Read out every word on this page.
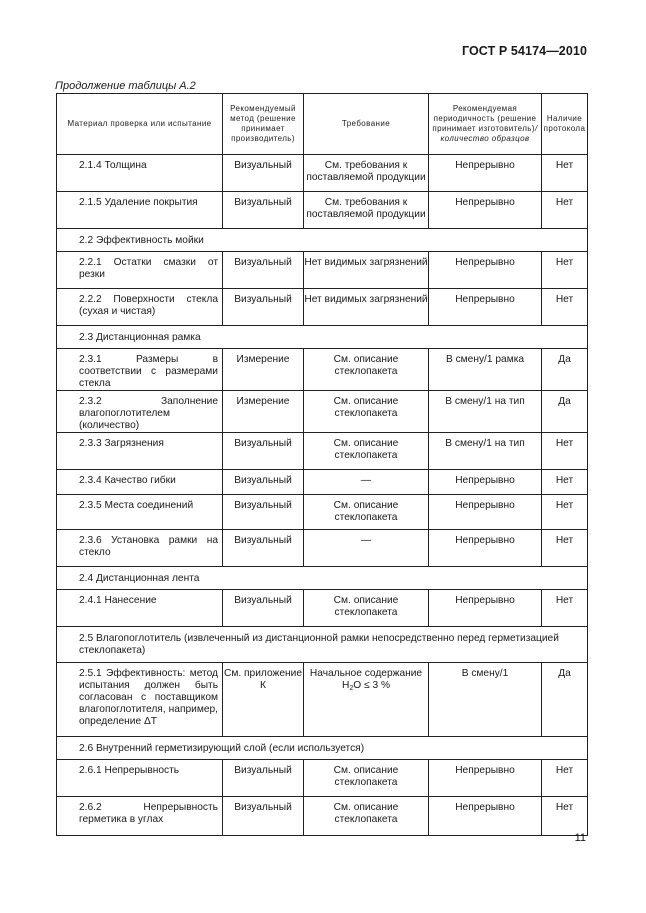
ГОСТ Р 54174—2010
Продолжение таблицы А.2
Материал проверка или испытание	Рекомендуемый метод (решение принимает производитель)	Требование	Рекомендуемая периодичность (решение принимает изготовитель)/количество образцов	Наличие протокола
2.1.4 Толщина	Визуальный	См. требования к поставляемой продукции	Непрерывно	Нет
2.1.5 Удаление покрытия	Визуальный	См. требования к поставляемой продукции	Непрерывно	Нет
2.2 Эффективность мойки				
2.2.1 Остатки смазки от резки	Визуальный	Нет видимых загрязнений	Непрерывно	Нет
2.2.2 Поверхности стекла (сухая и чистая)	Визуальный	Нет видимых загрязнений	Непрерывно	Нет
2.3 Дистанционная рамка				
2.3.1 Размеры в соответствии с размерами стекла	Измерение	См. описание стеклопакета	В смену/1 рамка	Да
2.3.2 Заполнение влагопоглотителем (количество)	Измерение	См. описание стеклопакета	В смену/1 на тип	Да
2.3.3 Загрязнения	Визуальный	См. описание стеклопакета	В смену/1 на тип	Нет
2.3.4 Качество гибки	Визуальный	—	Непрерывно	Нет
2.3.5 Места соединений	Визуальный	См. описание стеклопакета	Непрерывно	Нет
2.3.6 Установка рамки на стекло	Визуальный	—	Непрерывно	Нет
2.4 Дистанционная лента				
2.4.1 Нанесение	Визуальный	См. описание стеклопакета	Непрерывно	Нет
2.5 Влагопоглотитель (извлеченный из дистанционной рамки непосредственно перед герметизацией стеклопакета)				
2.5.1 Эффективность: метод испытания должен быть согласован с поставщиком влагопоглотителя, например, определение ΔT	См. приложение К	Начальное содержание $H_2O \le 3$ %	В смену/1	Да
2.6 Внутренний герметизирующий слой (если используется)				
2.6.1 Непрерывность	Визуальный	См. описание стеклопакета	Непрерывно	Нет
2.6.2 Непрерывность герметика в углах	Визуальный	См. описание стеклопакета	Непрерывно	Нет
11
